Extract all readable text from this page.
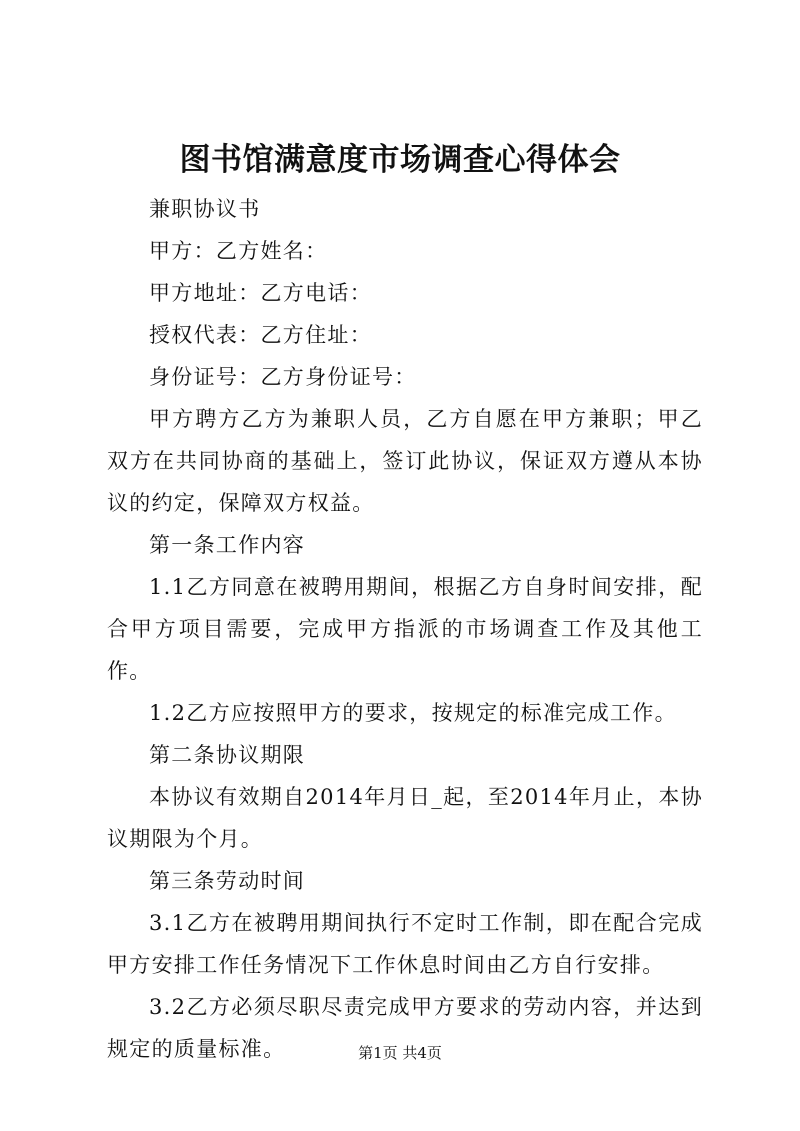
图书馆满意度市场调查心得体会

兼职协议书

甲方：乙方姓名：

甲方地址：乙方电话：

授权代表：乙方住址：

身份证号：乙方身份证号：

甲方聘方乙方为兼职人员，乙方自愿在甲方兼职；甲乙双方在共同协商的基础上，签订此协议，保证双方遵从本协议的约定，保障双方权益。

第一条工作内容

1.1乙方同意在被聘用期间，根据乙方自身时间安排，配合甲方项目需要，完成甲方指派的市场调查工作及其他工作。

1.2乙方应按照甲方的要求，按规定的标准完成工作。

第二条协议期限

本协议有效期自2014年月日_起，至2014年月止，本协议期限为个月。

第三条劳动时间

3.1乙方在被聘用期间执行不定时工作制，即在配合完成甲方安排工作任务情况下工作休息时间由乙方自行安排。

3.2乙方必须尽职尽责完成甲方要求的劳动内容，并达到规定的质量标准。	第1页 共4页
